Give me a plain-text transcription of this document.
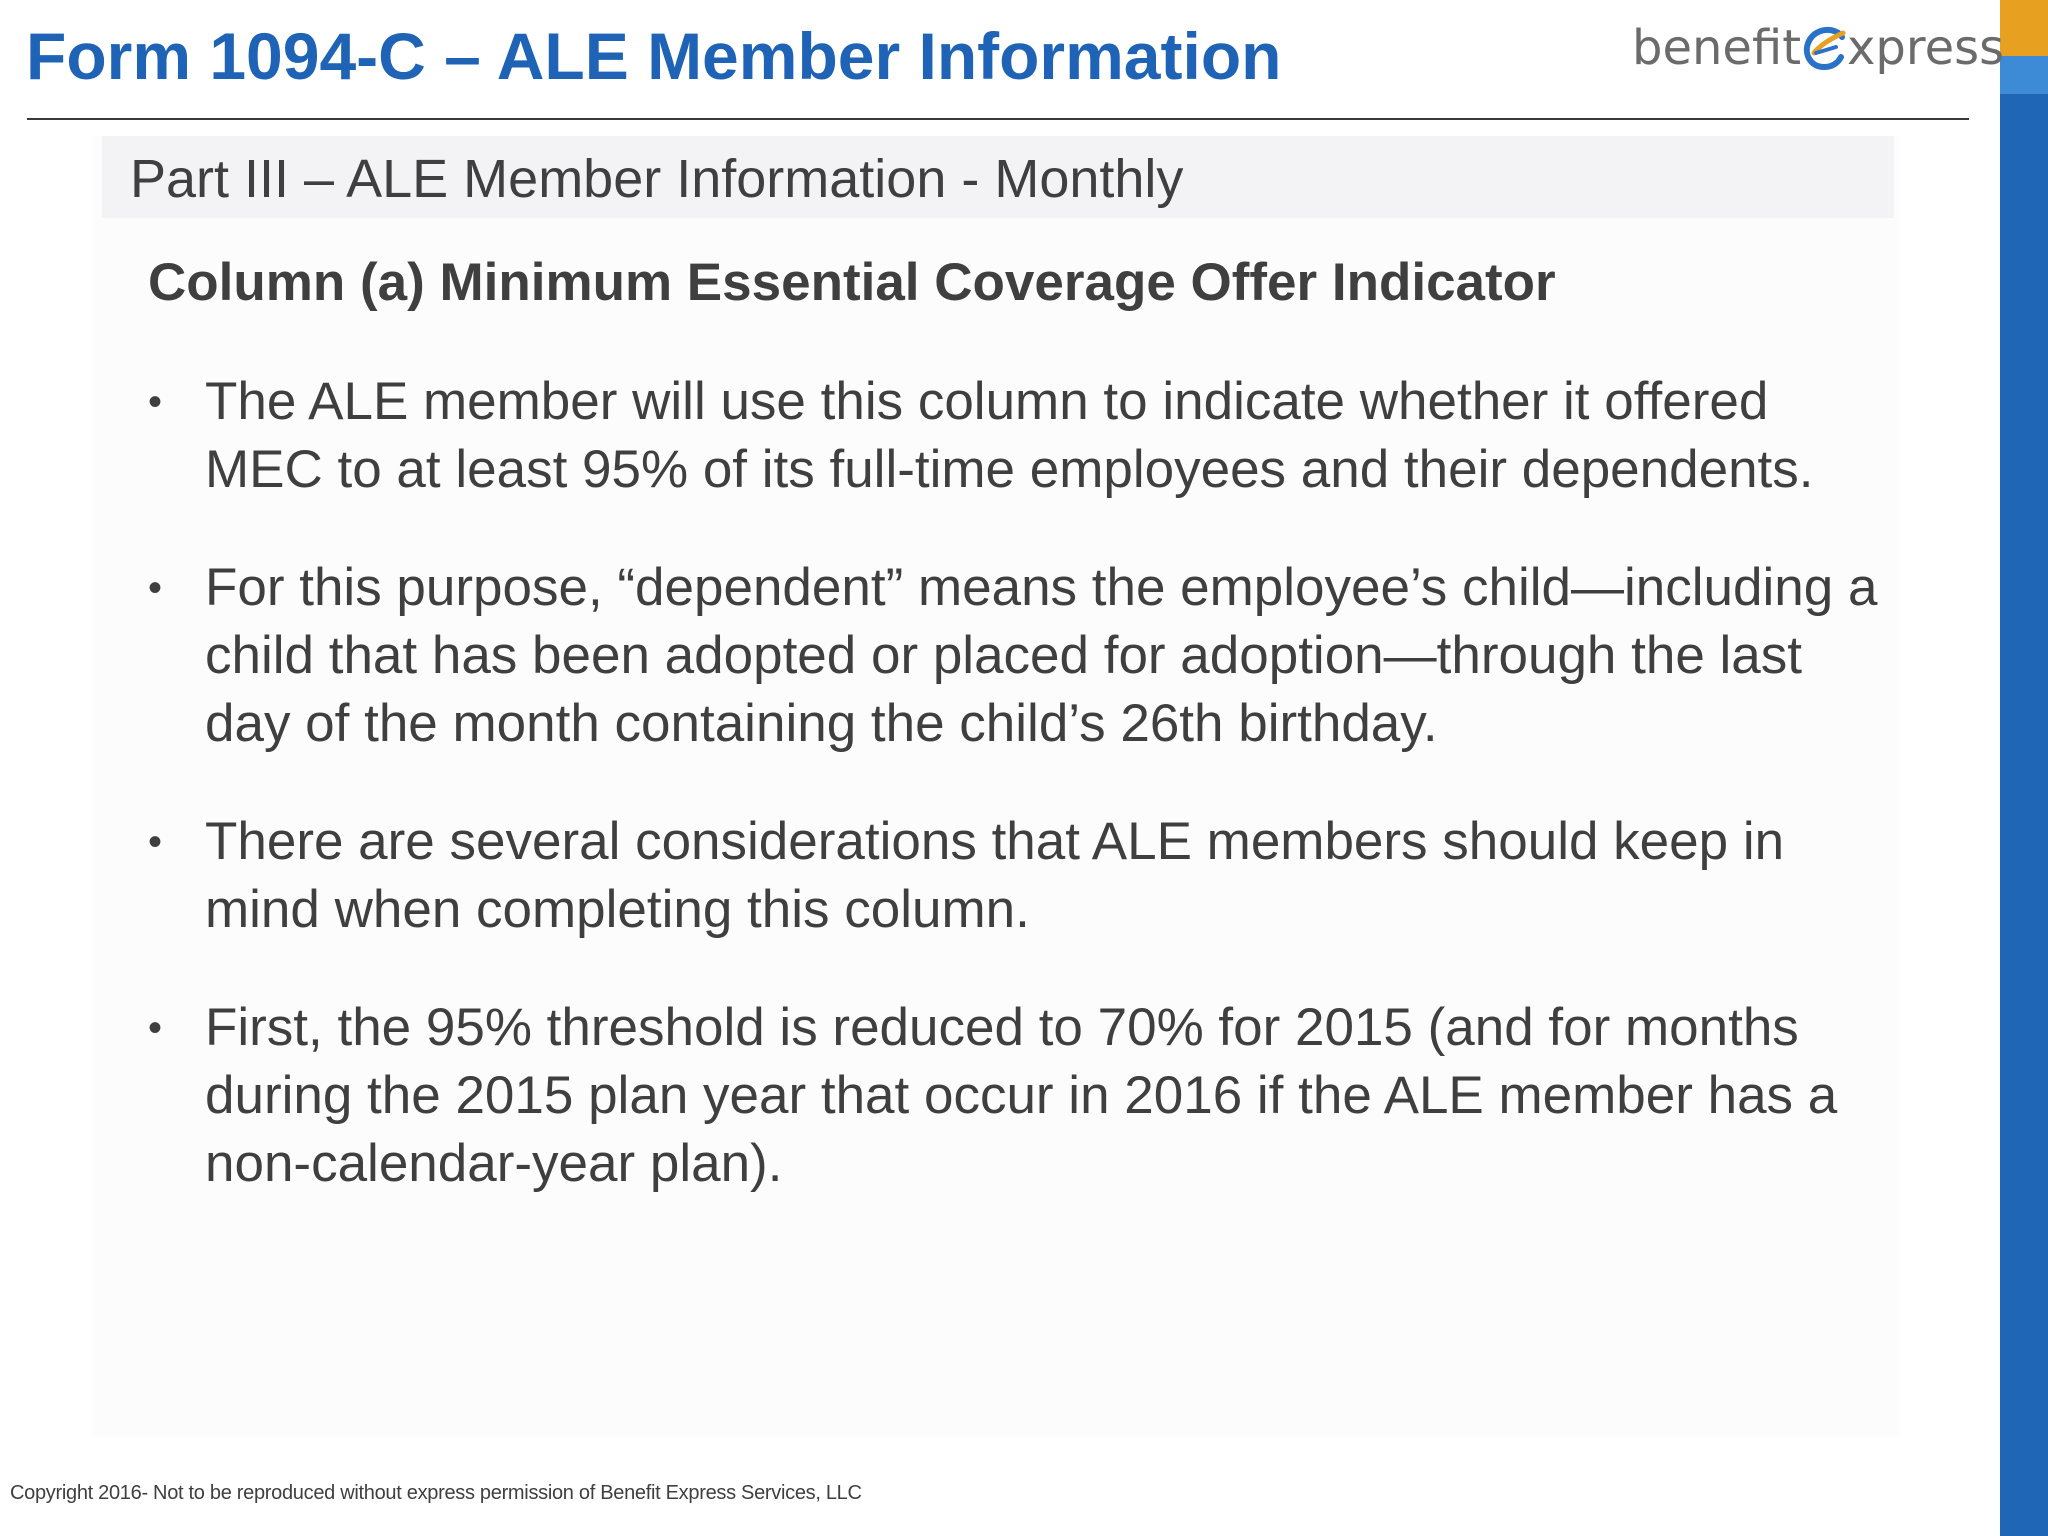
Form 1094-C – ALE Member Information	benefit xpress
Part III – ALE Member Information - Monthly
Column (a) Minimum Essential Coverage Offer Indicator
• The ALE member will use this column to indicate whether it offered MEC to at least 95% of its full-time employees and their dependents.
• For this purpose, “dependent” means the employee’s child—including a child that has been adopted or placed for adoption—through the last day of the month containing the child’s 26th birthday.
• There are several considerations that ALE members should keep in mind when completing this column.
• First, the 95% threshold is reduced to 70% for 2015 (and for months during the 2015 plan year that occur in 2016 if the ALE member has a non-calendar-year plan).
Copyright 2016- Not to be reproduced without express permission of Benefit Express Services, LLC
